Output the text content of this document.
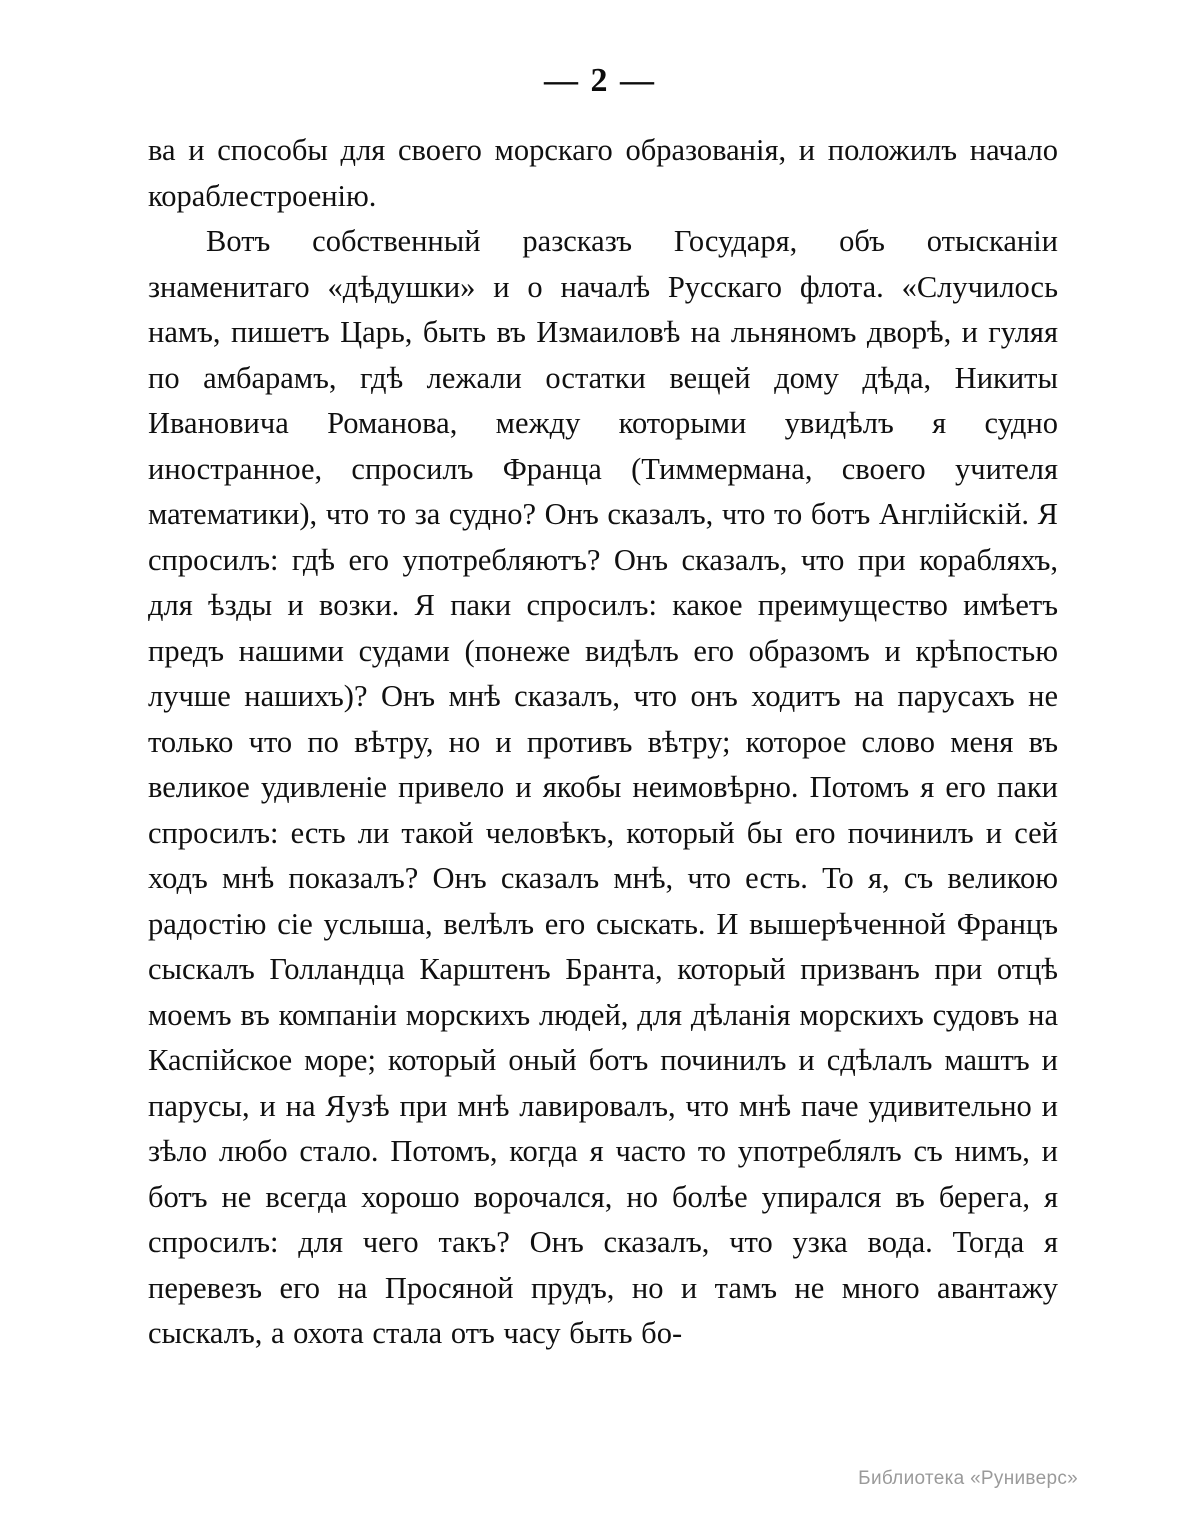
— 2 —

ва и способы для своего морскаго образованія, и положилъ начало кораблестроенію.

Вотъ собственный разсказъ Государя, объ отысканіи знаменитаго «дѣдушки» и о началѣ Русскаго флота. «Случилось намъ, пишетъ Царь, быть въ Измаиловѣ на льняномъ дворѣ, и гуляя по амбарамъ, гдѣ лежали остатки вещей дому дѣда, Никиты Ивановича Романова, между которыми увидѣлъ я судно иностранное, спросилъ Франца (Тиммермана, своего учителя математики), что то за судно? Онъ сказалъ, что то ботъ Англійскій. Я спросилъ: гдѣ его употребляютъ? Онъ сказалъ, что при корабляхъ, для ѣзды и возки. Я паки спросилъ: какое преимущество имѣетъ предъ нашими судами (понеже видѣлъ его образомъ и крѣпостью лучше нашихъ)? Онъ мнѣ сказалъ, что онъ ходитъ на парусахъ не только что по вѣтру, но и противъ вѣтру; которое слово меня въ великое удивленіе привело и якобы неимовѣрно. Потомъ я его паки спросилъ: есть ли такой человѣкъ, который бы его починилъ и сей ходъ мнѣ показалъ? Онъ сказалъ мнѣ, что есть. То я, съ великою радостію сіе услыша, велѣлъ его сыскать. И вышерѣченной Францъ сыскалъ Голландца Карштенъ Бранта, который призванъ при отцѣ моемъ въ компаніи морскихъ людей, для дѣланія морскихъ судовъ на Каспійское море; который оный ботъ починилъ и сдѣлалъ маштъ и парусы, и на Яузѣ при мнѣ лавировалъ, что мнѣ паче удивительно и зѣло любо стало. Потомъ, когда я часто то употреблялъ съ нимъ, и ботъ не всегда хорошо ворочался, но болѣе упирался въ берега, я спросилъ: для чего такъ? Онъ сказалъ, что узка вода. Тогда я перевезъ его на Просяной прудъ, но и тамъ не много авантажу сыскалъ, а охота стала отъ часу быть бо-

Библиотека «Руниверс»
